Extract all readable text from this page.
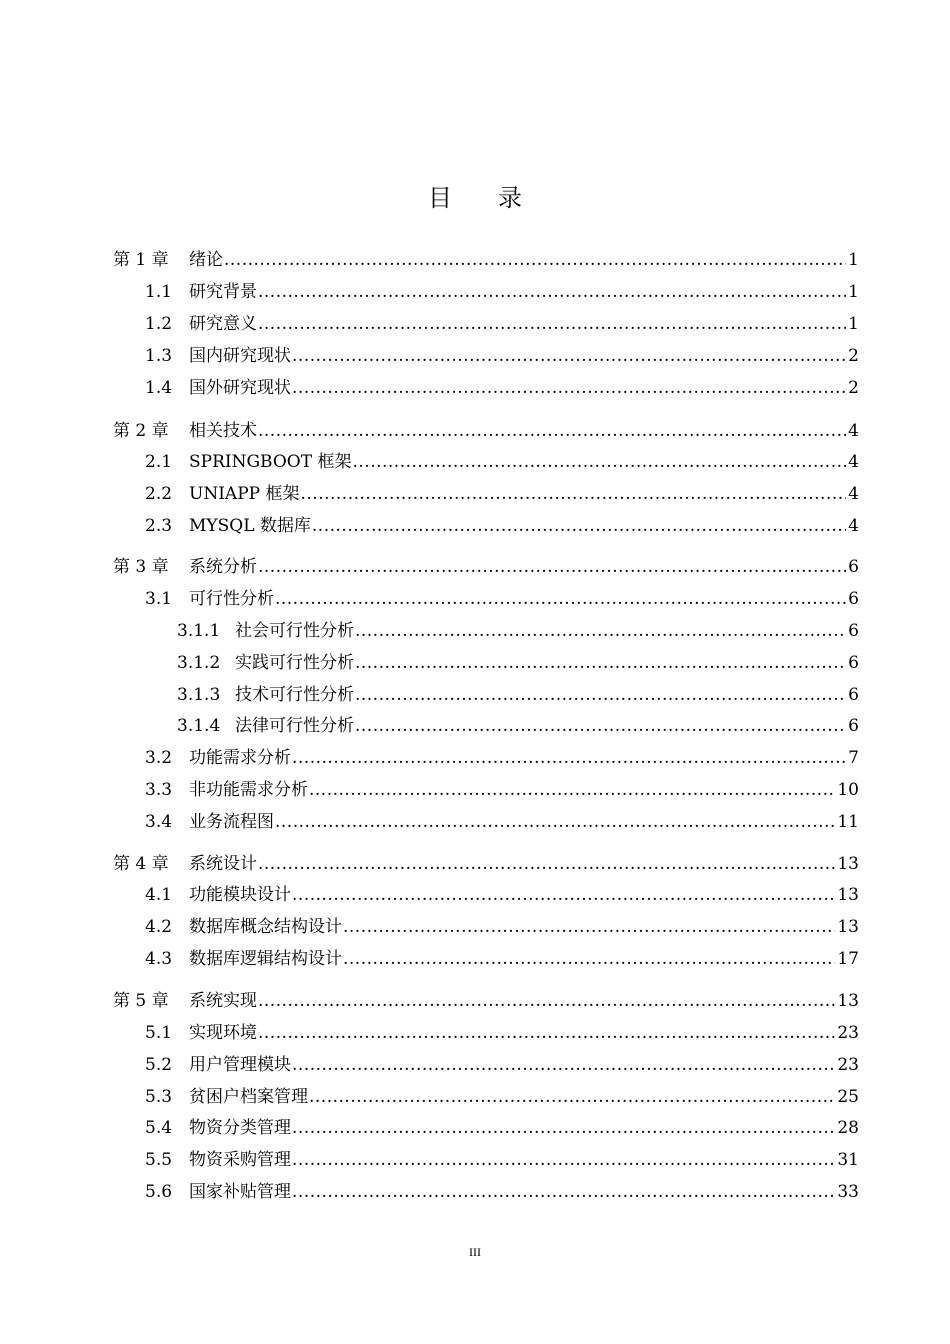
目 录
第 1 章 绪论 .....	1
1.1 研究背景 .....	1
1.2 研究意义 .....	1
1.3 国内研究现状 .....	2
1.4 国外研究现状 .....	2
第 2 章 相关技术 .....	4
2.1 SPRINGBOOT 框架 .....	4
2.2 UNIAPP 框架 .....	4
2.3 MYSQL 数据库 .....	4
第 3 章 系统分析 .....	6
3.1 可行性分析 .....	6
3.1.1 社会可行性分析 .....	6
3.1.2 实践可行性分析 .....	6
3.1.3 技术可行性分析 .....	6
3.1.4 法律可行性分析 .....	6
3.2 功能需求分析 .....	7
3.3 非功能需求分析 .....	10
3.4 业务流程图 .....	11
第 4 章 系统设计 .....	13
4.1 功能模块设计 .....	13
4.2 数据库概念结构设计 .....	13
4.3 数据库逻辑结构设计 .....	17
第 5 章 系统实现 .....	13
5.1 实现环境 .....	23
5.2 用户管理模块 .....	23
5.3 贫困户档案管理 .....	25
5.4 物资分类管理 .....	28
5.5 物资采购管理 .....	31
5.6 国家补贴管理 .....	33
III
